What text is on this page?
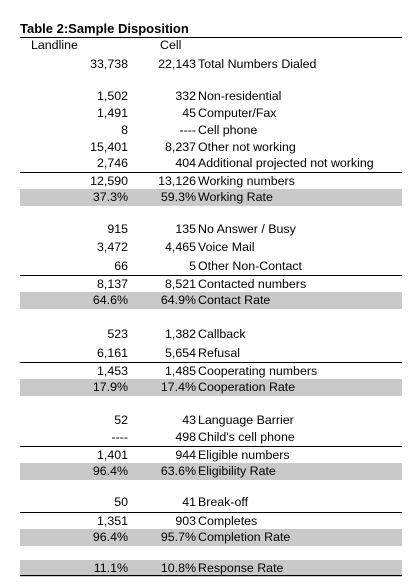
Table 2:Sample Disposition
Landline	Cell
33,738	22,143 Total Numbers Dialed
1,502	332 Non-residential
1,491	45 Computer/Fax
8	---- Cell phone
15,401	8,237 Other not working
2,746	404 Additional projected not working
12,590	13,126 Working numbers
37.3%	59.3% Working Rate
915	135 No Answer / Busy
3,472	4,465 Voice Mail
66	5 Other Non-Contact
8,137	8,521 Contacted numbers
64.6%	64.9% Contact Rate
523	1,382 Callback
6,161	5,654 Refusal
1,453	1,485 Cooperating numbers
17.9%	17.4% Cooperation Rate
52	43 Language Barrier
----	498 Child's cell phone
1,401	944 Eligible numbers
96.4%	63.6% Eligibility Rate
50	41 Break-off
1,351	903 Completes
96.4%	95.7% Completion Rate
11.1%	10.8% Response Rate
